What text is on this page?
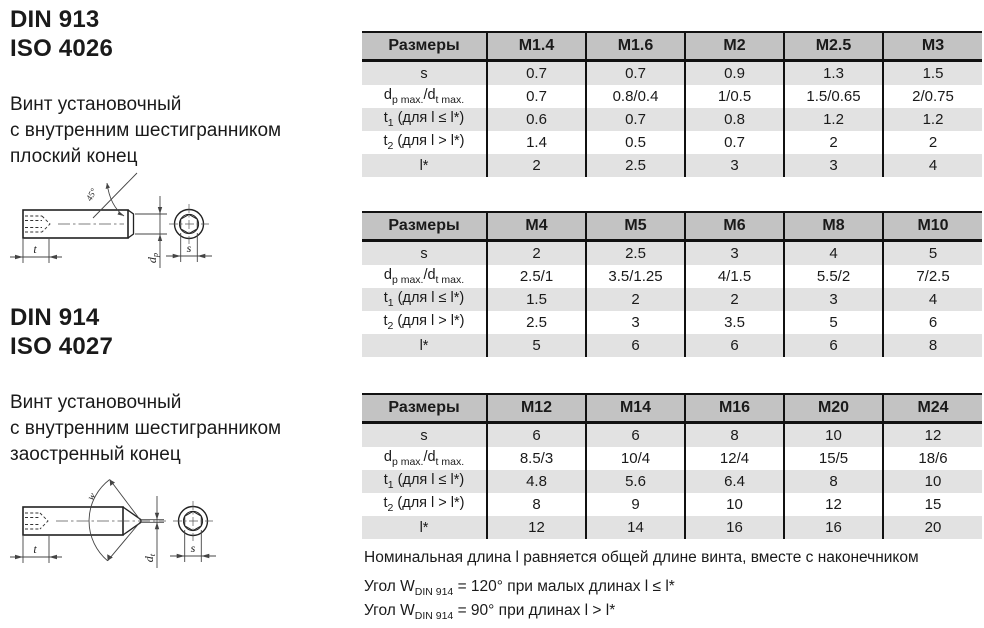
DIN 913
ISO 4026
Винт установочный
с внутренним шестигранником
плоский конец
45°
t
dp s
DIN 914
ISO 4027
Винт установочный
с внутренним шестигранником
заостренный конец
w
t
dt	s
Размеры	M1.4	M1.6	M2	M2.5	M3
s	0.7	0.7	0.9	1.3	1.5
$d_{p max.}/d_{t max.}$	0.7	0.8/0.4	1/0.5	1.5/0.65	2/0.75
$t_1$ (для l ≤ l*)	0.6	0.7	0.8	1.2	1.2
$t_2$ (для l > l*)	1.4	0.5	0.7	2	2
l*	2	2.5	3	3	4
Размеры	M4	M5	M6	M8	M10
s	2	2.5	3	4	5
$d_{p max.}/d_{t max.}$	2.5/1	3.5/1.25	4/1.5	5.5/2	7/2.5
$t_1$ (для l ≤ l*)	1.5	2	2	3	4
$t_2$ (для l > l*)	2.5	3	3.5	5	6
l*	5	6	6	6	8
Размеры	M12	M14	M16	M20	M24
s	6	6	8	10	12
$d_{p max.}/d_{t max.}$	8.5/3	10/4	12/4	15/5	18/6
$t_1$ (для l ≤ l*)	4.8	5.6	6.4	8	10
$t_2$ (для l > l*)	8	9	10	12	15
l*	12	14	16	16	20
Номинальная длина l равняется общей длине винта, вместе с наконечником
Угол $W_{DIN 914} = 120^\circ$ при малых длинах l ≤ l*
Угол $W_{DIN 914} = 90^\circ$ при длинах l > l*
